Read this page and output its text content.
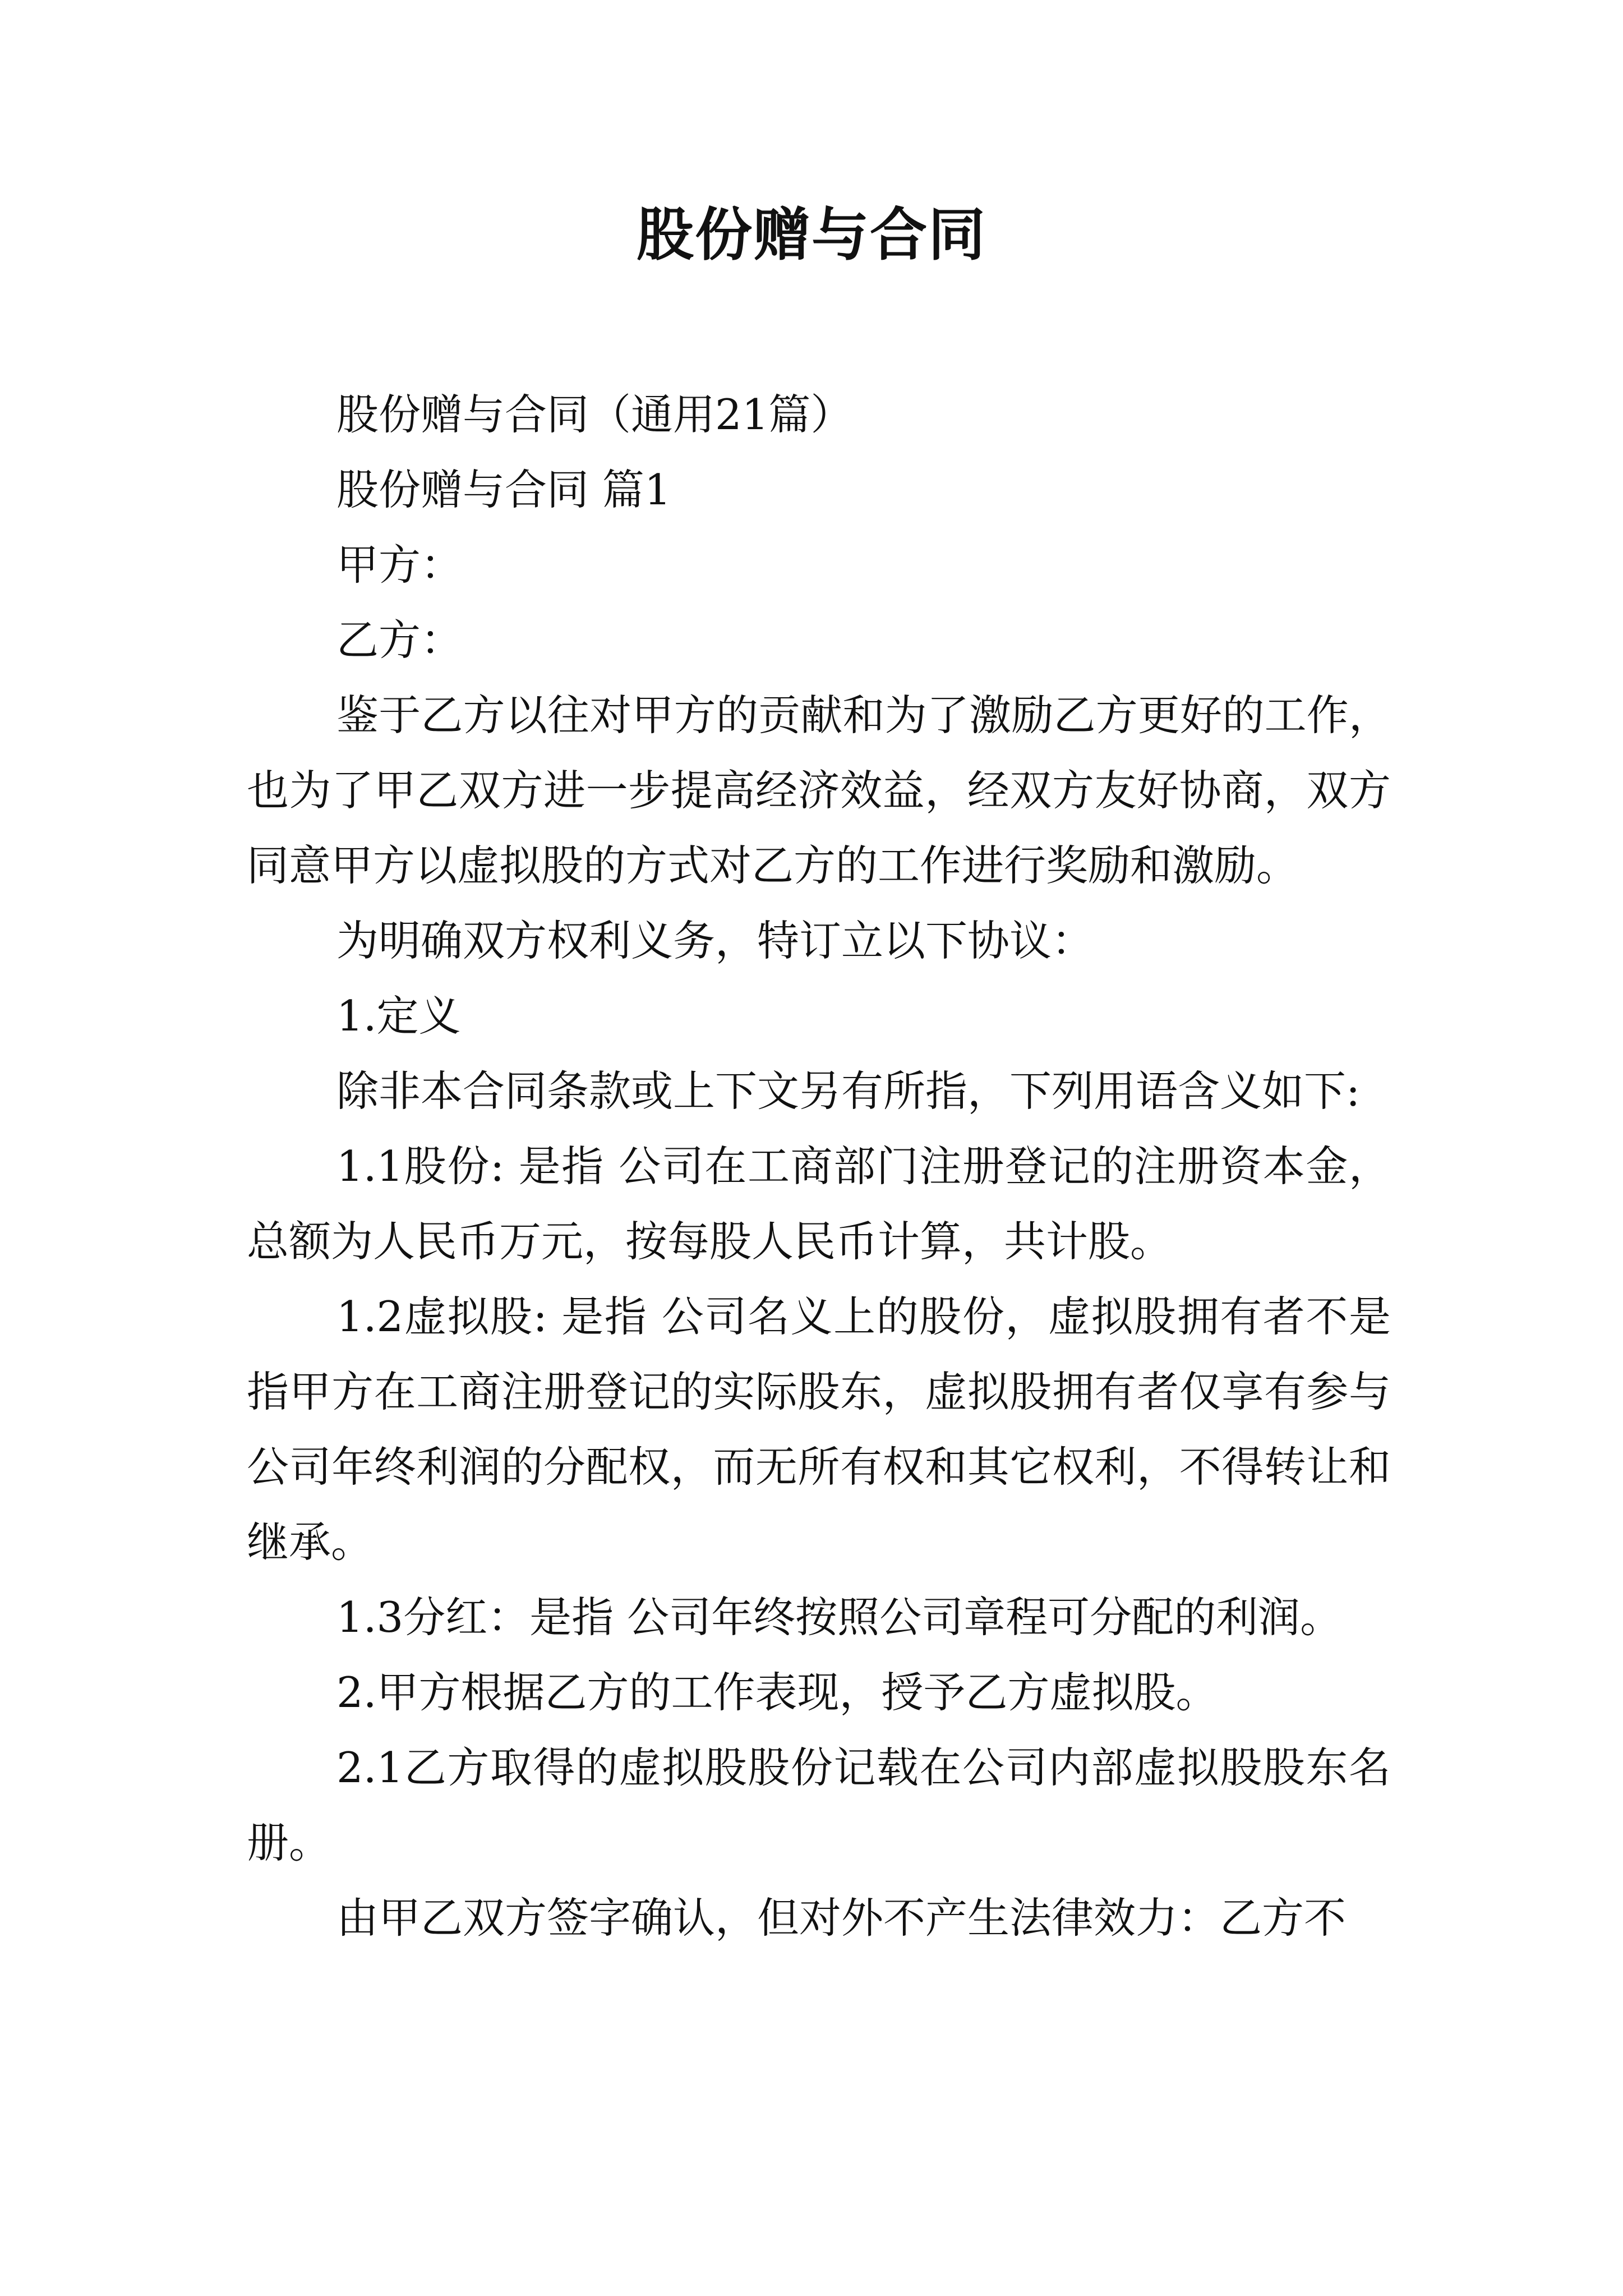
股份赠与合同

股份赠与合同（通用21篇）

股份赠与合同 篇1

甲方：

乙方：

鉴于乙方以往对甲方的贡献和为了激励乙方更好的工作，也为了甲乙双方进一步提高经济效益，经双方友好协商，双方同意甲方以虚拟股的方式对乙方的工作进行奖励和激励。

为明确双方权利义务，特订立以下协议：

1.定义

除非本合同条款或上下文另有所指，下列用语含义如下:

1.1股份: 是指 公司在工商部门注册登记的注册资本金，总额为人民币万元，按每股人民币计算，共计股。

1.2虚拟股: 是指 公司名义上的股份，虚拟股拥有者不是指甲方在工商注册登记的实际股东，虚拟股拥有者仅享有参与公司年终利润的分配权，而无所有权和其它权利，不得转让和继承。

1.3分红：是指 公司年终按照公司章程可分配的利润。

2.甲方根据乙方的工作表现，授予乙方虚拟股。

2.1乙方取得的虚拟股股份记载在公司内部虚拟股股东名册。

由甲乙双方签字确认，但对外不产生法律效力：乙方不
